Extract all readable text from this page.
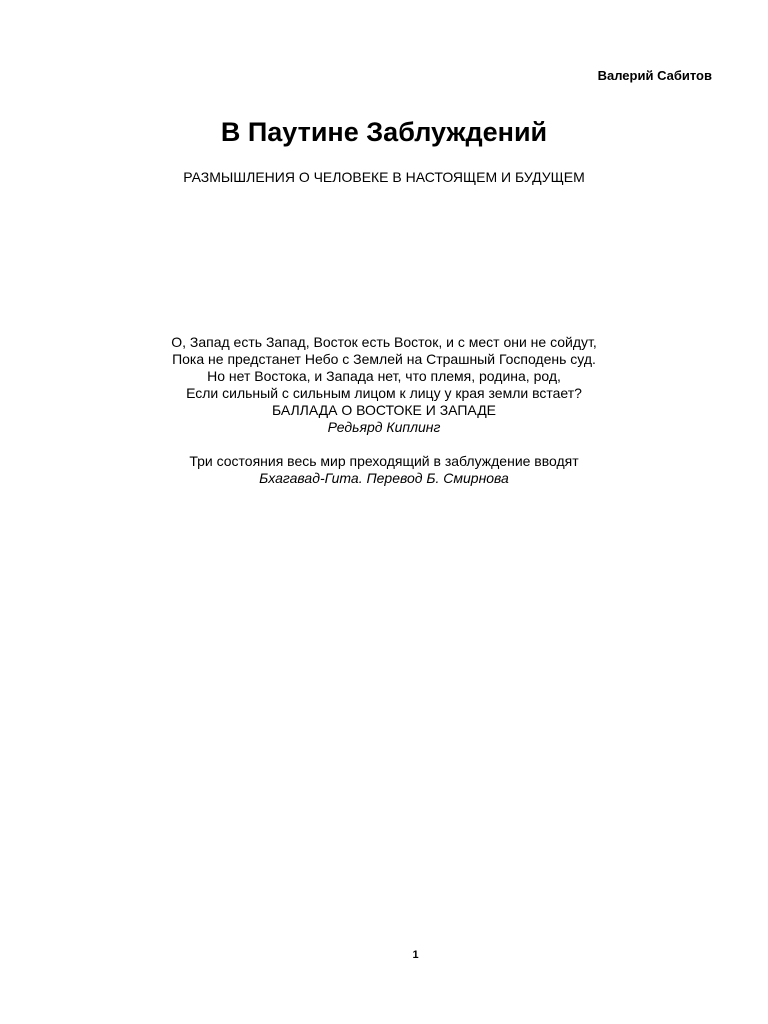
Валерий Сабитов
В Паутине Заблуждений
РАЗМЫШЛЕНИЯ О ЧЕЛОВЕКЕ В НАСТОЯЩЕМ И БУДУЩЕМ
О, Запад есть Запад, Восток есть Восток, и с мест они не сойдут,
Пока не предстанет Небо с Землей на Страшный Господень суд.
Но нет Востока, и Запада нет, что племя, родина, род,
Если сильный с сильным лицом к лицу у края земли встает?
БАЛЛАДА О ВОСТОКЕ И ЗАПАДЕ
Редьярд Киплинг
Три состояния весь мир преходящий в заблуждение вводят
Бхагавад-Гита. Перевод Б. Смирнова
1
